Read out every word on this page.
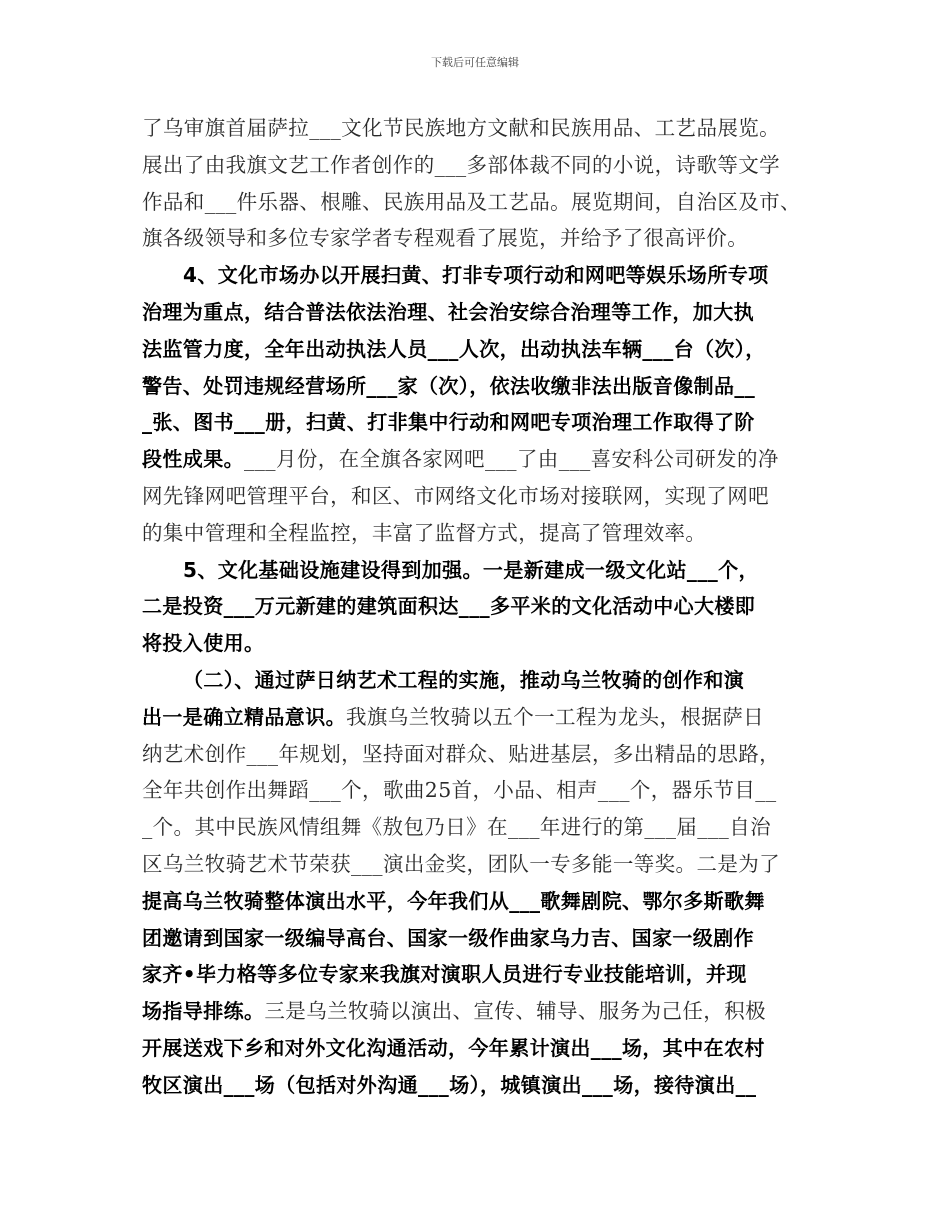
下载后可任意编辑
了乌审旗首届萨拉___文化节民族地方文献和民族用品、工艺品展览。
展出了由我旗文艺工作者创作的___多部体裁不同的小说，诗歌等文学
作品和___件乐器、根雕、民族用品及工艺品。展览期间，自治区及市、
旗各级领导和多位专家学者专程观看了展览，并给予了很高评价。
4、文化市场办以开展扫黄、打非专项行动和网吧等娱乐场所专项
治理为重点，结合普法依法治理、社会治安综合治理等工作，加大执
法监管力度，全年出动执法人员___人次，出动执法车辆___台（次），
警告、处罚违规经营场所___家（次），依法收缴非法出版音像制品__
_张、图书___册，扫黄、打非集中行动和网吧专项治理工作取得了阶
段性成果。___月份，在全旗各家网吧___了由___喜安科公司研发的净
网先锋网吧管理平台，和区、市网络文化市场对接联网，实现了网吧
的集中管理和全程监控，丰富了监督方式，提高了管理效率。
5、文化基础设施建设得到加强。一是新建成一级文化站___个，
二是投资___万元新建的建筑面积达___多平米的文化活动中心大楼即
将投入使用。
（二）、通过萨日纳艺术工程的实施，推动乌兰牧骑的创作和演
出一是确立精品意识。我旗乌兰牧骑以五个一工程为龙头，根据萨日
纳艺术创作___年规划，坚持面对群众、贴进基层，多出精品的思路，
全年共创作出舞蹈___个，歌曲25首，小品、相声___个，器乐节目__
_个。其中民族风情组舞《敖包乃日》在___年进行的第___届___自治
区乌兰牧骑艺术节荣获___演出金奖，团队一专多能一等奖。二是为了
提高乌兰牧骑整体演出水平，今年我们从___歌舞剧院、鄂尔多斯歌舞
团邀请到国家一级编导高台、国家一级作曲家乌力吉、国家一级剧作
家齐•毕力格等多位专家来我旗对演职人员进行专业技能培训，并现
场指导排练。三是乌兰牧骑以演出、宣传、辅导、服务为己任，积极
开展送戏下乡和对外文化沟通活动，今年累计演出___场，其中在农村
牧区演出___场（包括对外沟通___场），城镇演出___场，接待演出__
